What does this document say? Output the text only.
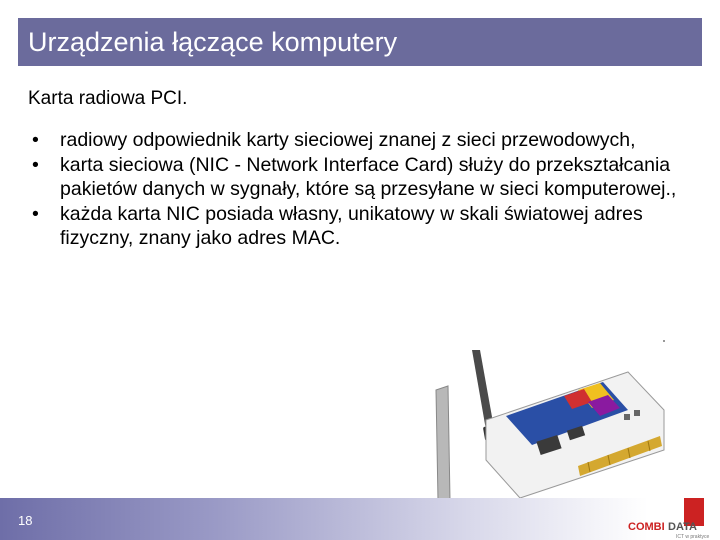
Urządzenia łączące komputery
Karta radiowa PCI.
• radiowy odpowiednik karty sieciowej znanej z sieci przewodowych,
• karta sieciowa (NIC - Network Interface Card) służy do przekształcania pakietów danych w sygnały, które są przesyłane w sieci komputerowej.,
• każda karta NIC posiada własny, unikatowy w skali światowej adres fizyczny, znany jako adres MAC.
18	COMBI DATA
ICT w praktyce
